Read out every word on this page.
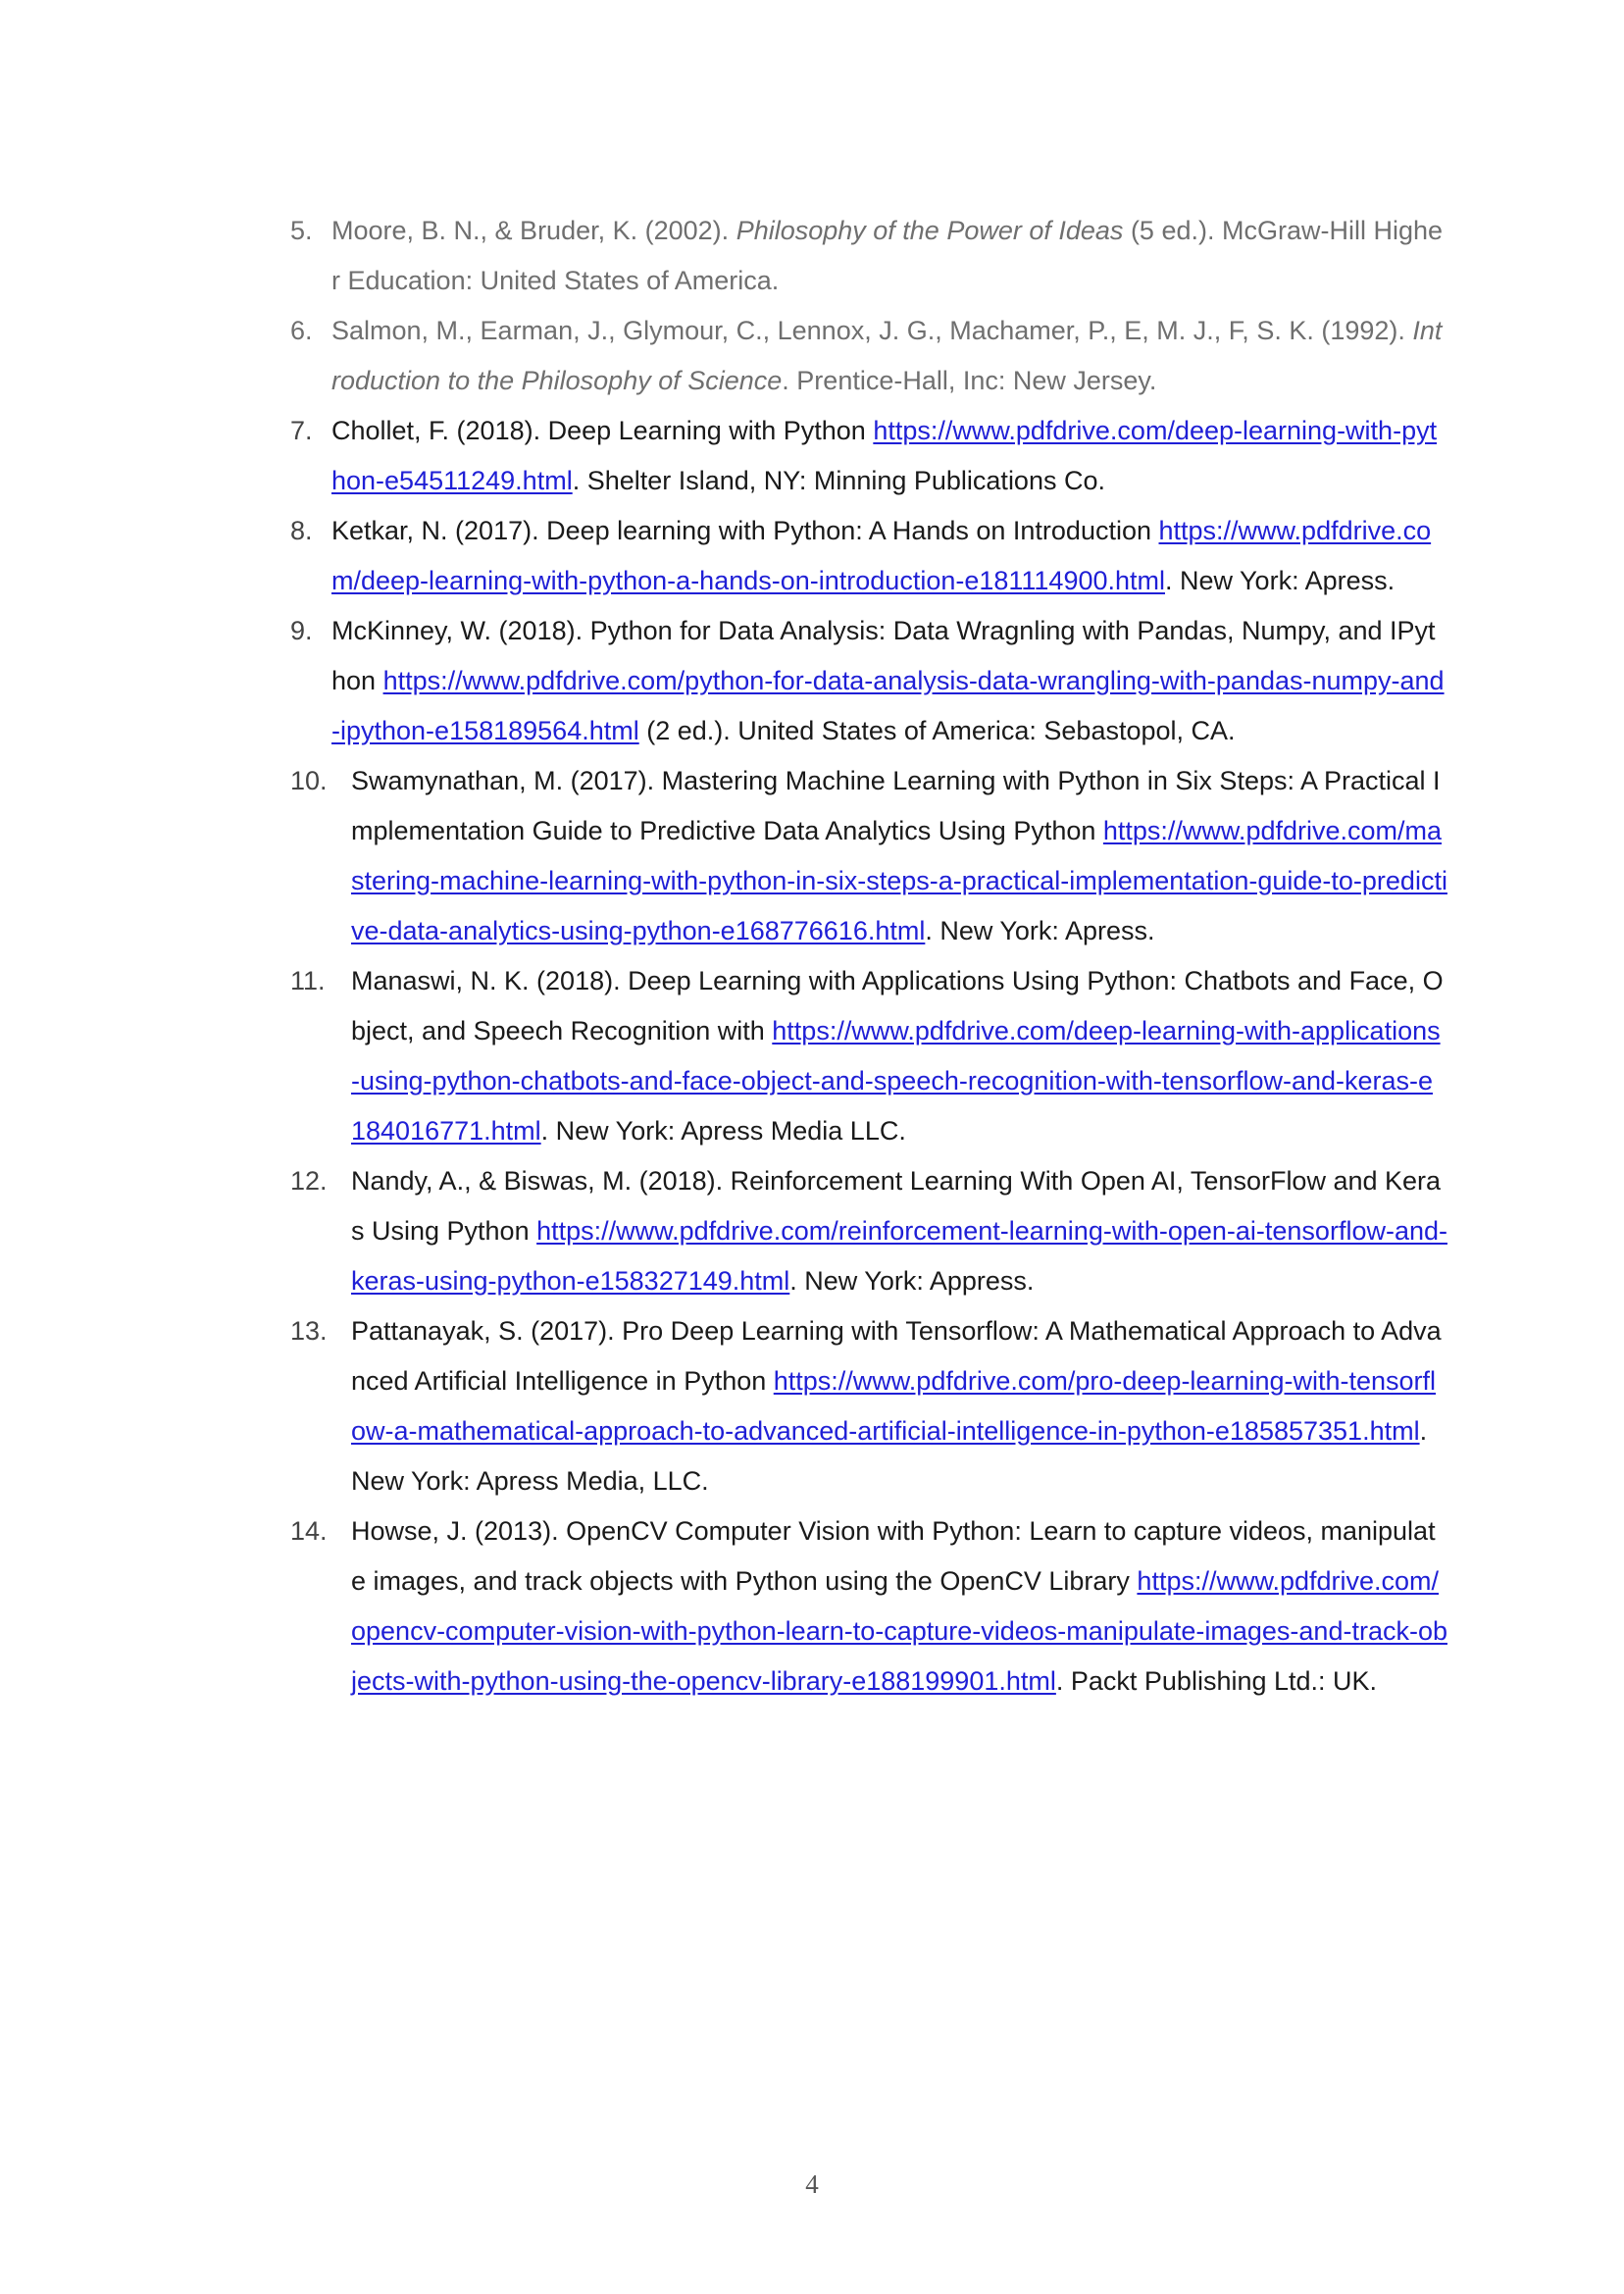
5. Moore, B. N., & Bruder, K. (2002). Philosophy of the Power of Ideas (5 ed.). McGraw-Hill Higher Education: United States of America.
6. Salmon, M., Earman, J., Glymour, C., Lennox, J. G., Machamer, P., E, M. J., F, S. K. (1992). Introduction to the Philosophy of Science. Prentice-Hall, Inc: New Jersey.
7. Chollet, F. (2018). Deep Learning with Python https://www.pdfdrive.com/deep-learning-with-python-e54511249.html. Shelter Island, NY: Minning Publications Co.
8. Ketkar, N. (2017). Deep learning with Python: A Hands on Introduction https://www.pdfdrive.com/deep-learning-with-python-a-hands-on-introduction-e181114900.html. New York: Apress.
9. McKinney, W. (2018). Python for Data Analysis: Data Wragnling with Pandas, Numpy, and IPython https://www.pdfdrive.com/python-for-data-analysis-data-wrangling-with-pandas-numpy-and-ipython-e158189564.html (2 ed.). United States of America: Sebastopol, CA.
10. Swamynathan, M. (2017). Mastering Machine Learning with Python in Six Steps: A Practical Implementation Guide to Predictive Data Analytics Using Python https://www.pdfdrive.com/mastering-machine-learning-with-python-in-six-steps-a-practical-implementation-guide-to-predictive-data-analytics-using-python-e168776616.html. New York: Apress.
11. Manaswi, N. K. (2018). Deep Learning with Applications Using Python: Chatbots and Face, Object, and Speech Recognition with https://www.pdfdrive.com/deep-learning-with-applications-using-python-chatbots-and-face-object-and-speech-recognition-with-tensorflow-and-keras-e184016771.html. New York: Apress Media LLC.
12. Nandy, A., & Biswas, M. (2018). Reinforcement Learning With Open AI, TensorFlow and Keras Using Python https://www.pdfdrive.com/reinforcement-learning-with-open-ai-tensorflow-and-keras-using-python-e158327149.html. New York: Appress.
13. Pattanayak, S. (2017). Pro Deep Learning with Tensorflow: A Mathematical Approach to Advanced Artificial Intelligence in Python https://www.pdfdrive.com/pro-deep-learning-with-tensorflow-a-mathematical-approach-to-advanced-artificial-intelligence-in-python-e185857351.html. New York: Apress Media, LLC.
14. Howse, J. (2013). OpenCV Computer Vision with Python: Learn to capture videos, manipulate images, and track objects with Python using the OpenCV Library https://www.pdfdrive.com/opencv-computer-vision-with-python-learn-to-capture-videos-manipulate-images-and-track-objects-with-python-using-the-opencv-library-e188199901.html. Packt Publishing Ltd.: UK.
4
